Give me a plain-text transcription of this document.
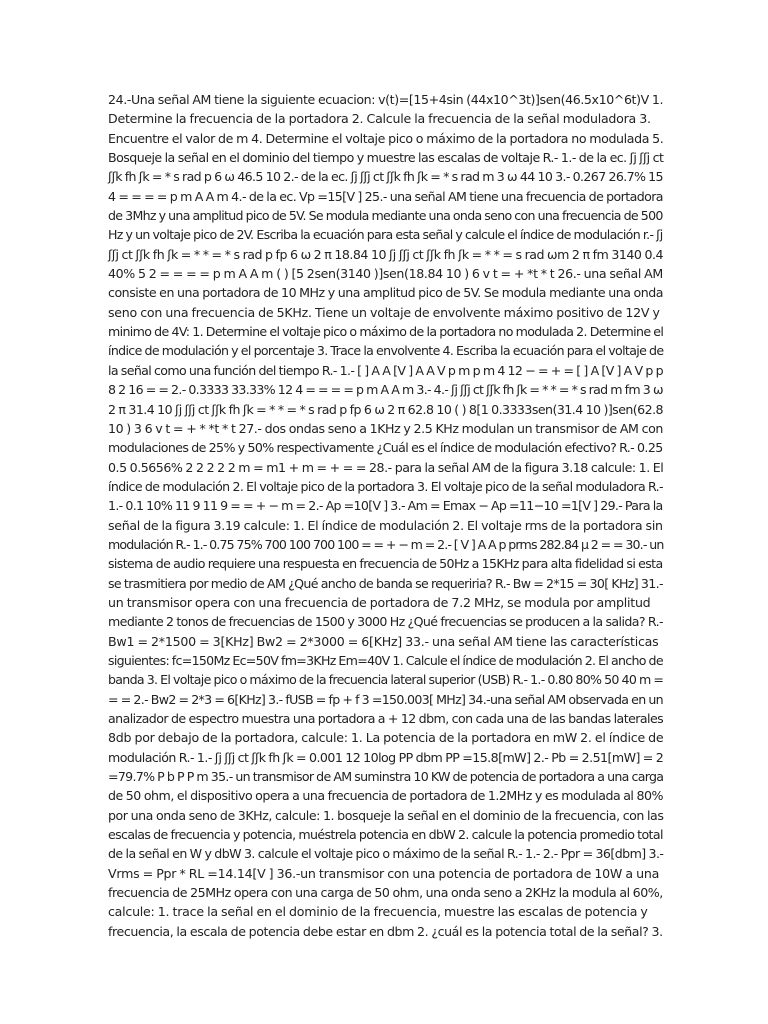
24.-Una señal AM tiene la siguiente ecuacion: v(t)=[15+4sin (44x10^3t)]sen(46.5x10^6t)V 1.
Determine la frecuencia de la portadora 2. Calcule la frecuencia de la señal moduladora 3.
Encuentre el valor de m 4. Determine el voltaje pico o máximo de la portadora no modulada 5.
Bosqueje la señal en el dominio del tiempo y muestre las escalas de voltaje R.- 1.- de la ec. ʃj ʃʃj ct
ʃʃk fh ʃk = * s rad p 6 ω 46.5 10 2.- de la ec. ʃj ʃʃj ct ʃʃk fh ʃk = * s rad m 3 ω 44 10 3.- 0.267 26.7% 15
4 = = = = p m A A m 4.- de la ec. Vp =15[V ] 25.- una señal AM tiene una frecuencia de portadora
de 3Mhz y una amplitud pico de 5V. Se modula mediante una onda seno con una frecuencia de 500
Hz y un voltaje pico de 2V. Escriba la ecuación para esta señal y calcule el índice de modulación r.- ʃj
ʃʃj ct ʃʃk fh ʃk = * * = * s rad p fp 6 ω 2 π 18.84 10 ʃj ʃʃj ct ʃʃk fh ʃk = * * = s rad ωm 2 π fm 3140 0.4
40% 5 2 = = = = p m A A m ( ) [5 2sen(3140 )]sen(18.84 10 ) 6 v t = + *t * t 26.- una señal AM
consiste en una portadora de 10 MHz y una amplitud pico de 5V. Se modula mediante una onda
seno con una frecuencia de 5KHz. Tiene un voltaje de envolvente máximo positivo de 12V y
minimo de 4V: 1. Determine el voltaje pico o máximo de la portadora no modulada 2. Determine el
índice de modulación y el porcentaje 3. Trace la envolvente 4. Escriba la ecuación para el voltaje de
la señal como una función del tiempo R.- 1.- [ ] A A [V ] A A V p m p m 4 12 − = + = [ ] A [V ] A V p p
8 2 16 = = 2.- 0.3333 33.33% 12 4 = = = = p m A A m 3.- 4.- ʃj ʃʃj ct ʃʃk fh ʃk = * * = * s rad m fm 3 ω
2 π 31.4 10 ʃj ʃʃj ct ʃʃk fh ʃk = * * = * s rad p fp 6 ω 2 π 62.8 10 ( ) 8[1 0.3333sen(31.4 10 )]sen(62.8
10 ) 3 6 v t = + * *t * t 27.- dos ondas seno a 1KHz y 2.5 KHz modulan un transmisor de AM con
modulaciones de 25% y 50% respectivamente ¿Cuál es el índice de modulación efectivo? R.- 0.25
0.5 0.5656% 2 2 2 2 2 m = m1 + m = + = = 28.- para la señal AM de la figura 3.18 calcule: 1. El
índice de modulación 2. El voltaje pico de la portadora 3. El voltaje pico de la señal moduladora R.-
1.- 0.1 10% 11 9 11 9 = = + − m = 2.- Ap =10[V ] 3.- Am = Emax − Ap =11−10 =1[V ] 29.- Para la
señal de la figura 3.19 calcule: 1. El índice de modulación 2. El voltaje rms de la portadora sin
modulación R.- 1.- 0.75 75% 700 100 700 100 = = + − m = 2.- [ V ] A A p prms 282.84 μ 2 = = 30.- un
sistema de audio requiere una respuesta en frecuencia de 50Hz a 15KHz para alta fidelidad si esta
se trasmitiera por medio de AM ¿Qué ancho de banda se requeriria? R.- Bw = 2*15 = 30[ KHz] 31.-
un transmisor opera con una frecuencia de portadora de 7.2 MHz, se modula por amplitud
mediante 2 tonos de frecuencias de 1500 y 3000 Hz ¿Qué frecuencias se producen a la salida? R.-
Bw1 = 2*1500 = 3[KHz] Bw2 = 2*3000 = 6[KHz] 33.- una señal AM tiene las características
siguientes: fc=150Mz Ec=50V fm=3KHz Em=40V 1. Calcule el índice de modulación 2. El ancho de
banda 3. El voltaje pico o máximo de la frecuencia lateral superior (USB) R.- 1.- 0.80 80% 50 40 m =
= = 2.- Bw2 = 2*3 = 6[KHz] 3.- fUSB = fp + f 3 =150.003[ MHz] 34.-una señal AM observada en un
analizador de espectro muestra una portadora a + 12 dbm, con cada una de las bandas laterales
8db por debajo de la portadora, calcule: 1. La potencia de la portadora en mW 2. el índice de
modulación R.- 1.- ʃj ʃʃj ct ʃʃk fh ʃk = 0.001 12 10log PP dbm PP =15.8[mW] 2.- Pb = 2.51[mW] = 2
=79.7% P b P P m 35.- un transmisor de AM suminstra 10 KW de potencia de portadora a una carga
de 50 ohm, el dispositivo opera a una frecuencia de portadora de 1.2MHz y es modulada al 80%
por una onda seno de 3KHz, calcule: 1. bosqueje la señal en el dominio de la frecuencia, con las
escalas de frecuencia y potencia, muéstrela potencia en dbW 2. calcule la potencia promedio total
de la señal en W y dbW 3. calcule el voltaje pico o máximo de la señal R.- 1.- 2.- Ppr = 36[dbm] 3.-
Vrms = Ppr * RL =14.14[V ] 36.-un transmisor con una potencia de portadora de 10W a una
frecuencia de 25MHz opera con una carga de 50 ohm, una onda seno a 2KHz la modula al 60%,
calcule: 1. trace la señal en el dominio de la frecuencia, muestre las escalas de potencia y
frecuencia, la escala de potencia debe estar en dbm 2. ¿cuál es la potencia total de la señal? 3.
